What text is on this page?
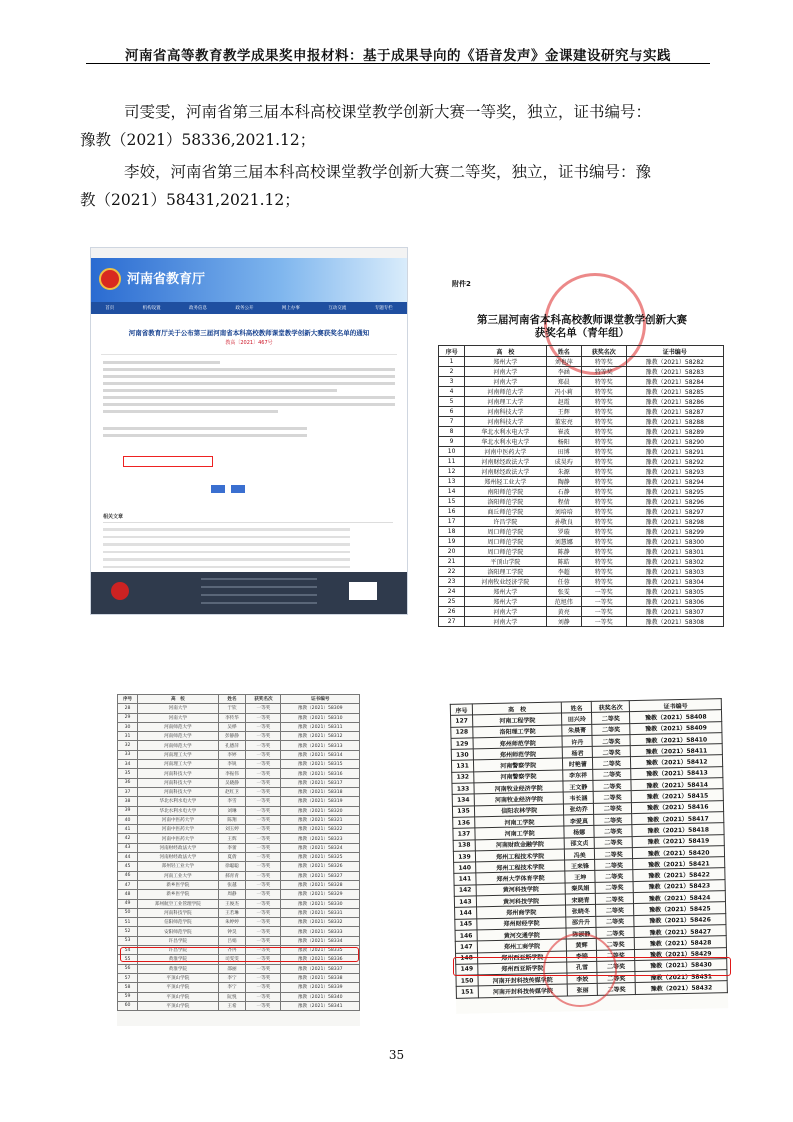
河南省高等教育教学成果奖申报材料：基于成果导向的《语音发声》金课建设研究与实践
司雯雯，河南省第三届本科高校课堂教学创新大赛一等奖，独立，证书编号：
豫教（2021）58336,2021.12；
李姣，河南省第三届本科高校课堂教学创新大赛二等奖，独立，证书编号：豫
教（2021）58431,2021.12；
河南省教育厅
首页	机构设置	政务信息	政务公开	网上办事	互动交流	专题专栏
河南省教育厅关于公布第三届河南省本科高校教师课堂教学创新大赛获奖名单的通知
教高〔2021〕467号
相关文章
附件2
第三届河南省本科高校教师课堂教学创新大赛
获奖名单（青年组）
序号	高　校	姓名	获奖名次	证书编号
1	郑州大学	刘也萍	特等奖	豫教（2021）58282
2	河南大学	李涵	特等奖	豫教（2021）58283
3	河南大学	郑晨	特等奖	豫教（2021）58284
4	河南师范大学	冯小莉	特等奖	豫教（2021）58285
5	河南理工大学	赵霞	特等奖	豫教（2021）58286
6	河南科技大学	王辉	特等奖	豫教（2021）58287
7	河南科技大学	董宏亮	特等奖	豫教（2021）58288
8	华北水利水电大学	崔波	特等奖	豫教（2021）58289
9	华北水利水电大学	杨阳	特等奖	豫教（2021）58290
10	河南中医药大学	田博	特等奖	豫教（2021）58291
11	河南财经政法大学	成昊玙	特等奖	豫教（2021）58292
12	河南财经政法大学	朱源	特等奖	豫教（2021）58293
13	郑州轻工业大学	陶静	特等奖	豫教（2021）58294
14	南阳师范学院	石静	特等奖	豫教（2021）58295
15	洛阳师范学院	程倩	特等奖	豫教（2021）58296
16	商丘师范学院	刘培培	特等奖	豫教（2021）58297
17	许昌学院	孙敬良	特等奖	豫教（2021）58298
18	周口师范学院	罗璇	特等奖	豫教（2021）58299
19	周口师范学院	刘慧娜	特等奖	豫教（2021）58300
20	周口师范学院	陈静	特等奖	豫教（2021）58301
21	平顶山学院	陈皓	特等奖	豫教（2021）58302
22	洛阳理工学院	李超	特等奖	豫教（2021）58303
23	河南牧业经济学院	任蓉	特等奖	豫教（2021）58304
24	郑州大学	张雯	一等奖	豫教（2021）58305
25	郑州大学	范旭伟	一等奖	豫教（2021）58306
26	河南大学	黄亮	一等奖	豫教（2021）58307
27	河南大学	刘静	一等奖	豫教（2021）58308
序号	高　校	姓名	获奖名次	证书编号
28	河南大学	于钦	一等奖	豫教（2021）58309
29	河南大学	李传华	一等奖	豫教（2021）58310
30	河南师范大学	吴桦	一等奖	豫教（2021）58311
31	河南师范大学	彭静静	一等奖	豫教（2021）58312
32	河南师范大学	孔德萍	一等奖	豫教（2021）58313
33	河南理工大学	李婷	一等奖	豫教（2021）58314
34	河南理工大学	李锐	一等奖	豫教（2021）58315
35	河南科技大学	李振伟	一等奖	豫教（2021）58316
36	河南科技大学	吴晓静	一等奖	豫教（2021）58317
37	河南科技大学	赵红卫	一等奖	豫教（2021）58318
38	华北水利水电大学	李雪	一等奖	豫教（2021）58319
39	华北水利水电大学	刘琳	一等奖	豫教（2021）58320
40	河南中医药大学	陈翔	一等奖	豫教（2021）58321
41	河南中医药大学	刘玉婷	一等奖	豫教（2021）58322
42	河南中医药大学	王辉	一等奖	豫教（2021）58323
43	河南财经政法大学	李蕾	一等奖	豫教（2021）58324
44	河南财经政法大学	夏倩	一等奖	豫教（2021）58325
45	郑州轻工业大学	徐聪聪	一等奖	豫教（2021）58326
46	河南工业大学	郝青青	一等奖	豫教（2021）58327
47	新乡医学院	张越	一等奖	豫教（2021）58328
48	新乡医学院	周静	一等奖	豫教（2021）58329
49	郑州航空工业管理学院	王俊杰	一等奖	豫教（2021）58330
50	河南科技学院	王若琳	一等奖	豫教（2021）58331
51	信阳师范学院	朱婷婷	一等奖	豫教（2021）58332
52	安阳师范学院	钟昊	一等奖	豫教（2021）58333
53	许昌学院	吕娟	一等奖	豫教（2021）58334
54	许昌学院	齐冉	一等奖	豫教（2021）58335
55	黄淮学院	司雯雯	一等奖	豫教（2021）58336
56	黄淮学院	邵丽	一等奖	豫教（2021）58337
57	平顶山学院	李宁	一等奖	豫教（2021）58338
58	平顶山学院	李宁	一等奖	豫教（2021）58339
59	平顶山学院	阮悦	一等奖	豫教（2021）58340
60	平顶山学院	王希	一等奖	豫教（2021）58341
序号	高　校	姓名	获奖名次	证书编号
127	河南工程学院	田兴玲	二等奖	豫教（2021）58408
128	洛阳理工学院	朱晨菁	二等奖	豫教（2021）58409
129	郑州师范学院	许丹	二等奖	豫教（2021）58410
130	郑州师范学院	杨君	二等奖	豫教（2021）58411
131	河南警察学院	时艳蕾	二等奖	豫教（2021）58412
132	河南警察学院	李东祥	二等奖	豫教（2021）58413
133	河南牧业经济学院	王文静	二等奖	豫教（2021）58414
134	河南牧业经济学院	韦长涵	二等奖	豫教（2021）58415
135	信阳农林学院	张幼乔	二等奖	豫教（2021）58416
136	河南工学院	李爱真	二等奖	豫教（2021）58417
137	河南工学院	杨娜	二等奖	豫教（2021）58418
138	河南财政金融学院	邵文贞	二等奖	豫教（2021）58419
139	郑州工程技术学院	冯美	二等奖	豫教（2021）58420
140	郑州工程技术学院	王来锋	二等奖	豫教（2021）58421
141	郑州大学体育学院	王坤	二等奖	豫教（2021）58422
142	黄河科技学院	秦凤娟	二等奖	豫教（2021）58423
143	黄河科技学院	宋晓青	二等奖	豫教（2021）58424
144	郑州商学院	张晓冬	二等奖	豫教（2021）58425
145	郑州财经学院	邵升升	二等奖	豫教（2021）58426
146	黄河交通学院	陈淑静	二等奖	豫教（2021）58427
147	郑州工商学院	黄辉	二等奖	豫教（2021）58428
148	郑州西亚斯学院	李锦	二等奖	豫教（2021）58429
149	郑州西亚斯学院	孔雪	二等奖	豫教（2021）58430
150	河南开封科技传媒学院	李姣	二等奖	豫教（2021）58431
151	河南开封科技传媒学院	张丽	二等奖	豫教（2021）58432
35
